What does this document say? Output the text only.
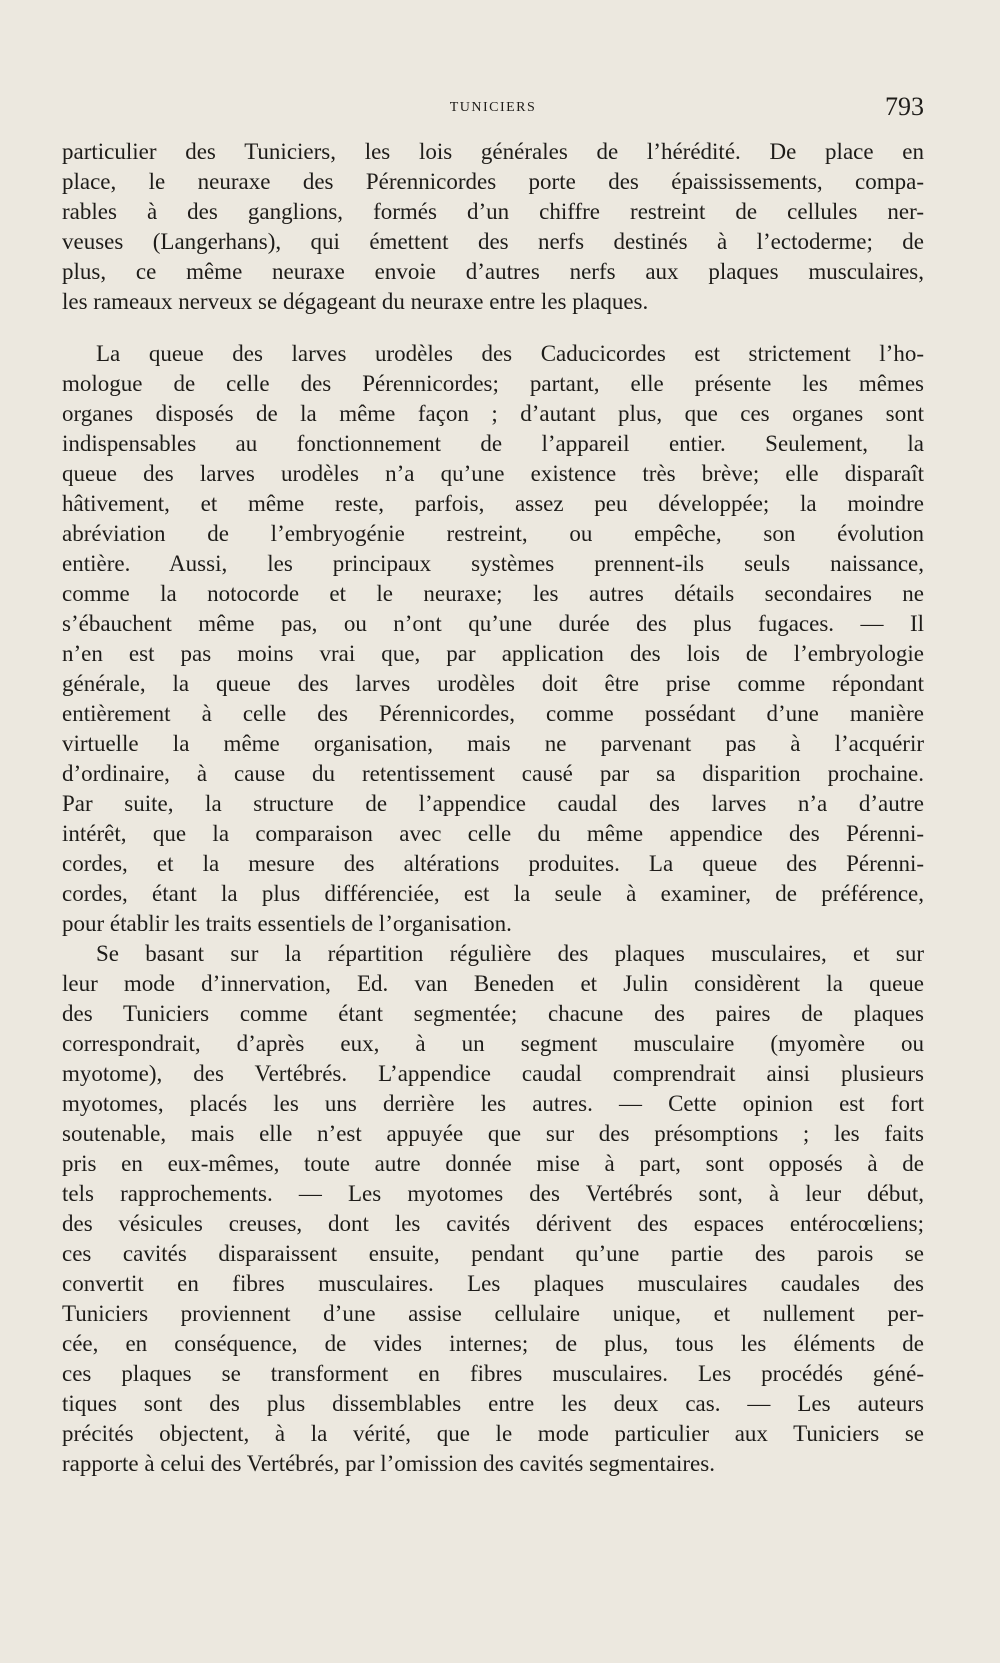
TUNICIERS	793

particulier des Tuniciers, les lois générales de l’hérédité. De place en
place, le neuraxe des Pérennicordes porte des épaississements, compa-
rables à des ganglions, formés d’un chiffre restreint de cellules ner-
veuses (Langerhans), qui émettent des nerfs destinés à l’ectoderme; de
plus, ce même neuraxe envoie d’autres nerfs aux plaques musculaires,
les rameaux nerveux se dégageant du neuraxe entre les plaques.

La queue des larves urodèles des Caducicordes est strictement l’ho-
mologue de celle des Pérennicordes; partant, elle présente les mêmes
organes disposés de la même façon ; d’autant plus, que ces organes sont
indispensables au fonctionnement de l’appareil entier. Seulement, la
queue des larves urodèles n’a qu’une existence très brève; elle disparaît
hâtivement, et même reste, parfois, assez peu développée; la moindre
abréviation de l’embryogénie restreint, ou empêche, son évolution
entière. Aussi, les principaux systèmes prennent-ils seuls naissance,
comme la notocorde et le neuraxe; les autres détails secondaires ne
s’ébauchent même pas, ou n’ont qu’une durée des plus fugaces. — Il
n’en est pas moins vrai que, par application des lois de l’embryologie
générale, la queue des larves urodèles doit être prise comme répondant
entièrement à celle des Pérennicordes, comme possédant d’une manière
virtuelle la même organisation, mais ne parvenant pas à l’acquérir
d’ordinaire, à cause du retentissement causé par sa disparition prochaine.
Par suite, la structure de l’appendice caudal des larves n’a d’autre
intérêt, que la comparaison avec celle du même appendice des Pérenni-
cordes, et la mesure des altérations produites. La queue des Pérenni-
cordes, étant la plus différenciée, est la seule à examiner, de préférence,
pour établir les traits essentiels de l’organisation.

Se basant sur la répartition régulière des plaques musculaires, et sur
leur mode d’innervation, Ed. van Beneden et Julin considèrent la queue
des Tuniciers comme étant segmentée; chacune des paires de plaques
correspondrait, d’après eux, à un segment musculaire (myomère ou
myotome), des Vertébrés. L’appendice caudal comprendrait ainsi plusieurs
myotomes, placés les uns derrière les autres. — Cette opinion est fort
soutenable, mais elle n’est appuyée que sur des présomptions ; les faits
pris en eux-mêmes, toute autre donnée mise à part, sont opposés à de
tels rapprochements. — Les myotomes des Vertébrés sont, à leur début,
des vésicules creuses, dont les cavités dérivent des espaces entérocœliens;
ces cavités disparaissent ensuite, pendant qu’une partie des parois se
convertit en fibres musculaires. Les plaques musculaires caudales des
Tuniciers proviennent d’une assise cellulaire unique, et nullement per-
cée, en conséquence, de vides internes; de plus, tous les éléments de
ces plaques se transforment en fibres musculaires. Les procédés géné-
tiques sont des plus dissemblables entre les deux cas. — Les auteurs
précités objectent, à la vérité, que le mode particulier aux Tuniciers se
rapporte à celui des Vertébrés, par l’omission des cavités segmentaires.
